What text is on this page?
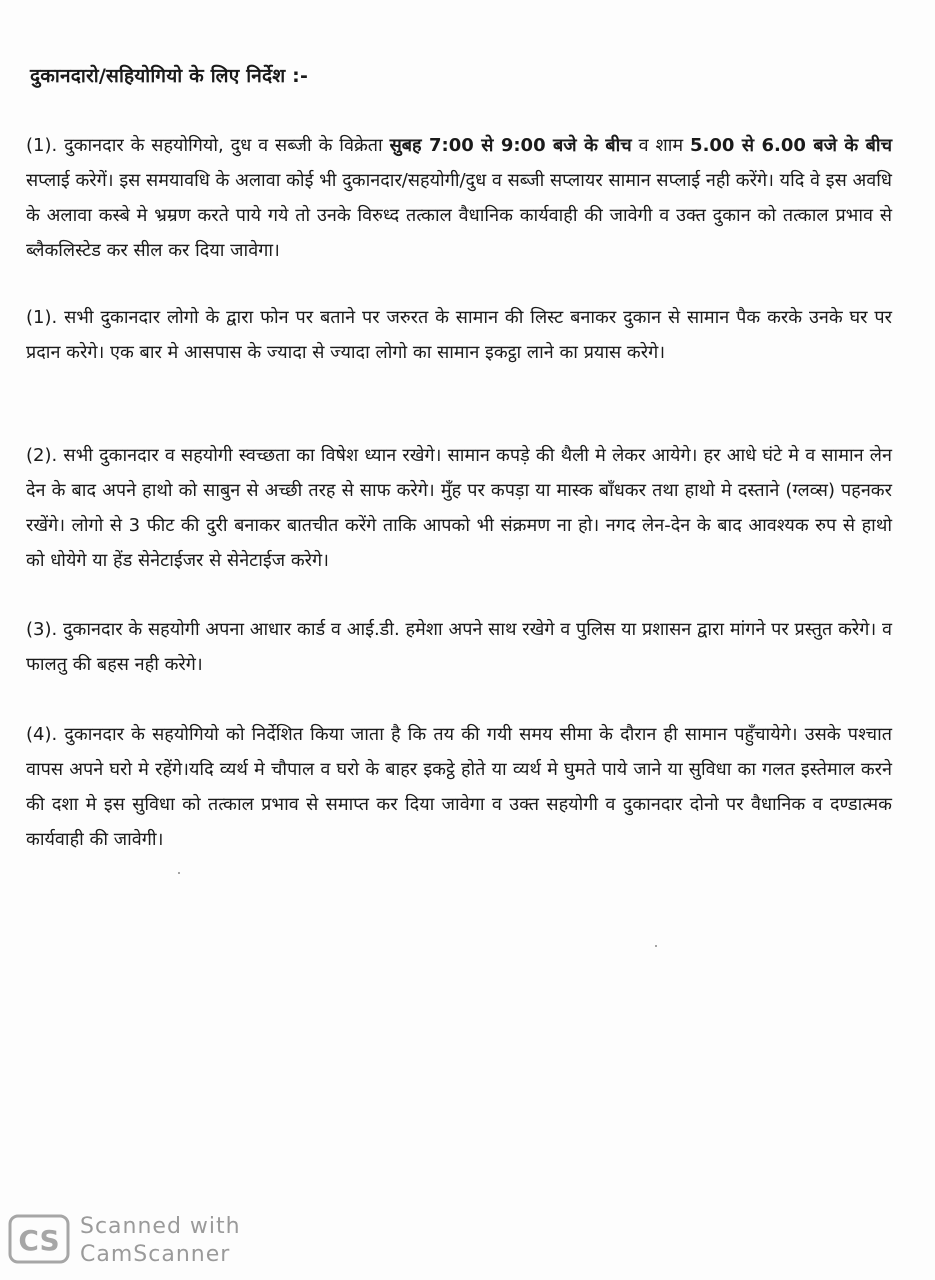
दुकानदारो/सहियोगियो के लिए निर्देश :-

(1). दुकानदार के सहयोगियो, दुध व सब्जी के विक्रेता सुबह 7:00 से 9:00 बजे के बीच व शाम 5.00 से 6.00 बजे के बीच सप्लाई करेगें। इस समयावधि के अलावा कोई भी दुकानदार/सहयोगी/दुध व सब्जी सप्लायर सामान सप्लाई नही करेंगे। यदि वे इस अवधि के अलावा कस्बे मे भ्रम्रण करते पाये गये तो उनके विरुध्द तत्काल वैधानिक कार्यवाही की जावेगी व उक्त दुकान को तत्काल प्रभाव से ब्लैकलिस्टेड कर सील कर दिया जावेगा।

(1). सभी दुकानदार लोगो के द्वारा फोन पर बताने पर जरुरत के सामान की लिस्ट बनाकर दुकान से सामान पैक करके उनके घर पर प्रदान करेगे। एक बार मे आसपास के ज्यादा से ज्यादा लोगो का सामान इकट्ठा लाने का प्रयास करेगे।

(2). सभी दुकानदार व सहयोगी स्वच्छता का विषेश ध्यान रखेगे। सामान कपड़े की थैली मे लेकर आयेगे। हर आधे घंटे मे व सामान लेन देन के बाद अपने हाथो को साबुन से अच्छी तरह से साफ करेगे। मुँह पर कपड़ा या मास्क बाँधकर तथा हाथो मे दस्ताने (ग्लव्स) पहनकर रखेंगे। लोगो से 3 फीट की दुरी बनाकर बातचीत करेंगे ताकि आपको भी संक्रमण ना हो। नगद लेन-देन के बाद आवश्यक रुप से हाथो को धोयेगे या हेंड सेनेटाईजर से सेनेटाईज करेगे।

(3). दुकानदार के सहयोगी अपना आधार कार्ड व आई.डी. हमेशा अपने साथ रखेगे व पुलिस या प्रशासन द्वारा मांगने पर प्रस्तुत करेगे। व फालतु की बहस नही करेगे।

(4). दुकानदार के सहयोगियो को निर्देशित किया जाता है कि तय की गयी समय सीमा के दौरान ही सामान पहुँचायेगे। उसके पश्चात वापस अपने घरो मे रहेंगे।यदि व्यर्थ मे चौपाल व घरो के बाहर इकट्ठे होते या व्यर्थ मे घुमते पाये जाने या सुविधा का गलत इस्तेमाल करने की दशा मे इस सुविधा को तत्काल प्रभाव से समाप्त कर दिया जावेगा व उक्त सहयोगी व दुकानदार दोनो पर वैधानिक व दण्डात्मक कार्यवाही की जावेगी।

CS Scanned with
CamScanner
